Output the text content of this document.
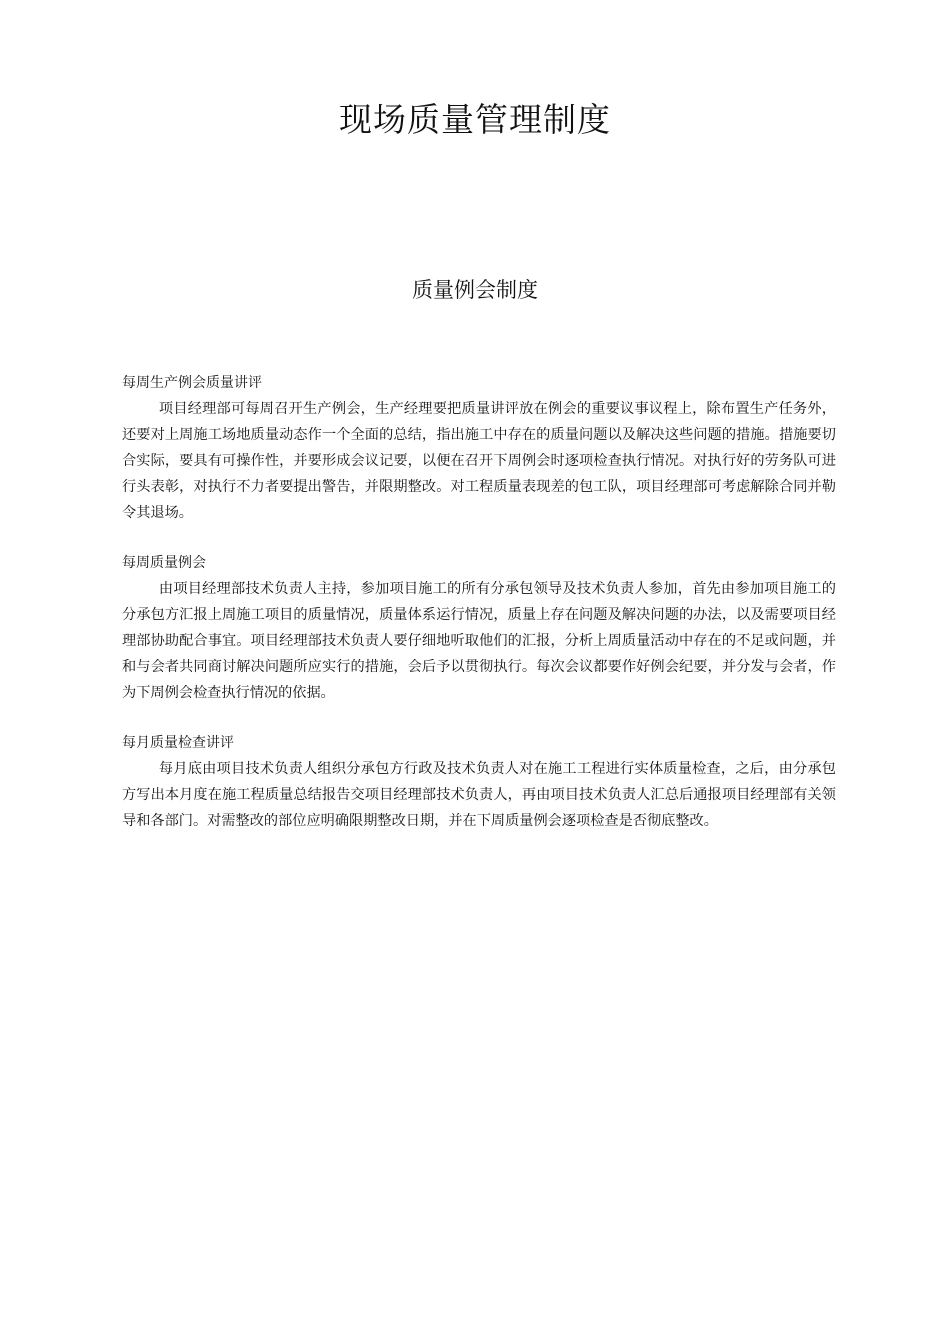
现场质量管理制度
质量例会制度

每周生产例会质量讲评

项目经理部可每周召开生产例会，生产经理要把质量讲评放在例会的重要议事议程上，除布置生产任务外，还要对上周施工场地质量动态作一个全面的总结，指出施工中存在的质量问题以及解决这些问题的措施。措施要切合实际，要具有可操作性，并要形成会议记要，以便在召开下周例会时逐项检查执行情况。对执行好的劳务队可进行头表彰，对执行不力者要提出警告，并限期整改。对工程质量表现差的包工队，项目经理部可考虑解除合同并勒令其退场。

每周质量例会

由项目经理部技术负责人主持，参加项目施工的所有分承包领导及技术负责人参加，首先由参加项目施工的分承包方汇报上周施工项目的质量情况，质量体系运行情况，质量上存在问题及解决问题的办法，以及需要项目经理部协助配合事宜。项目经理部技术负责人要仔细地听取他们的汇报，分析上周质量活动中存在的不足或问题，并和与会者共同商讨解决问题所应实行的措施，会后予以贯彻执行。每次会议都要作好例会纪要，并分发与会者，作为下周例会检查执行情况的依据。

每月质量检查讲评

每月底由项目技术负责人组织分承包方行政及技术负责人对在施工工程进行实体质量检查，之后，由分承包方写出本月度在施工程质量总结报告交项目经理部技术负责人，再由项目技术负责人汇总后通报项目经理部有关领导和各部门。对需整改的部位应明确限期整改日期，并在下周质量例会逐项检查是否彻底整改。
